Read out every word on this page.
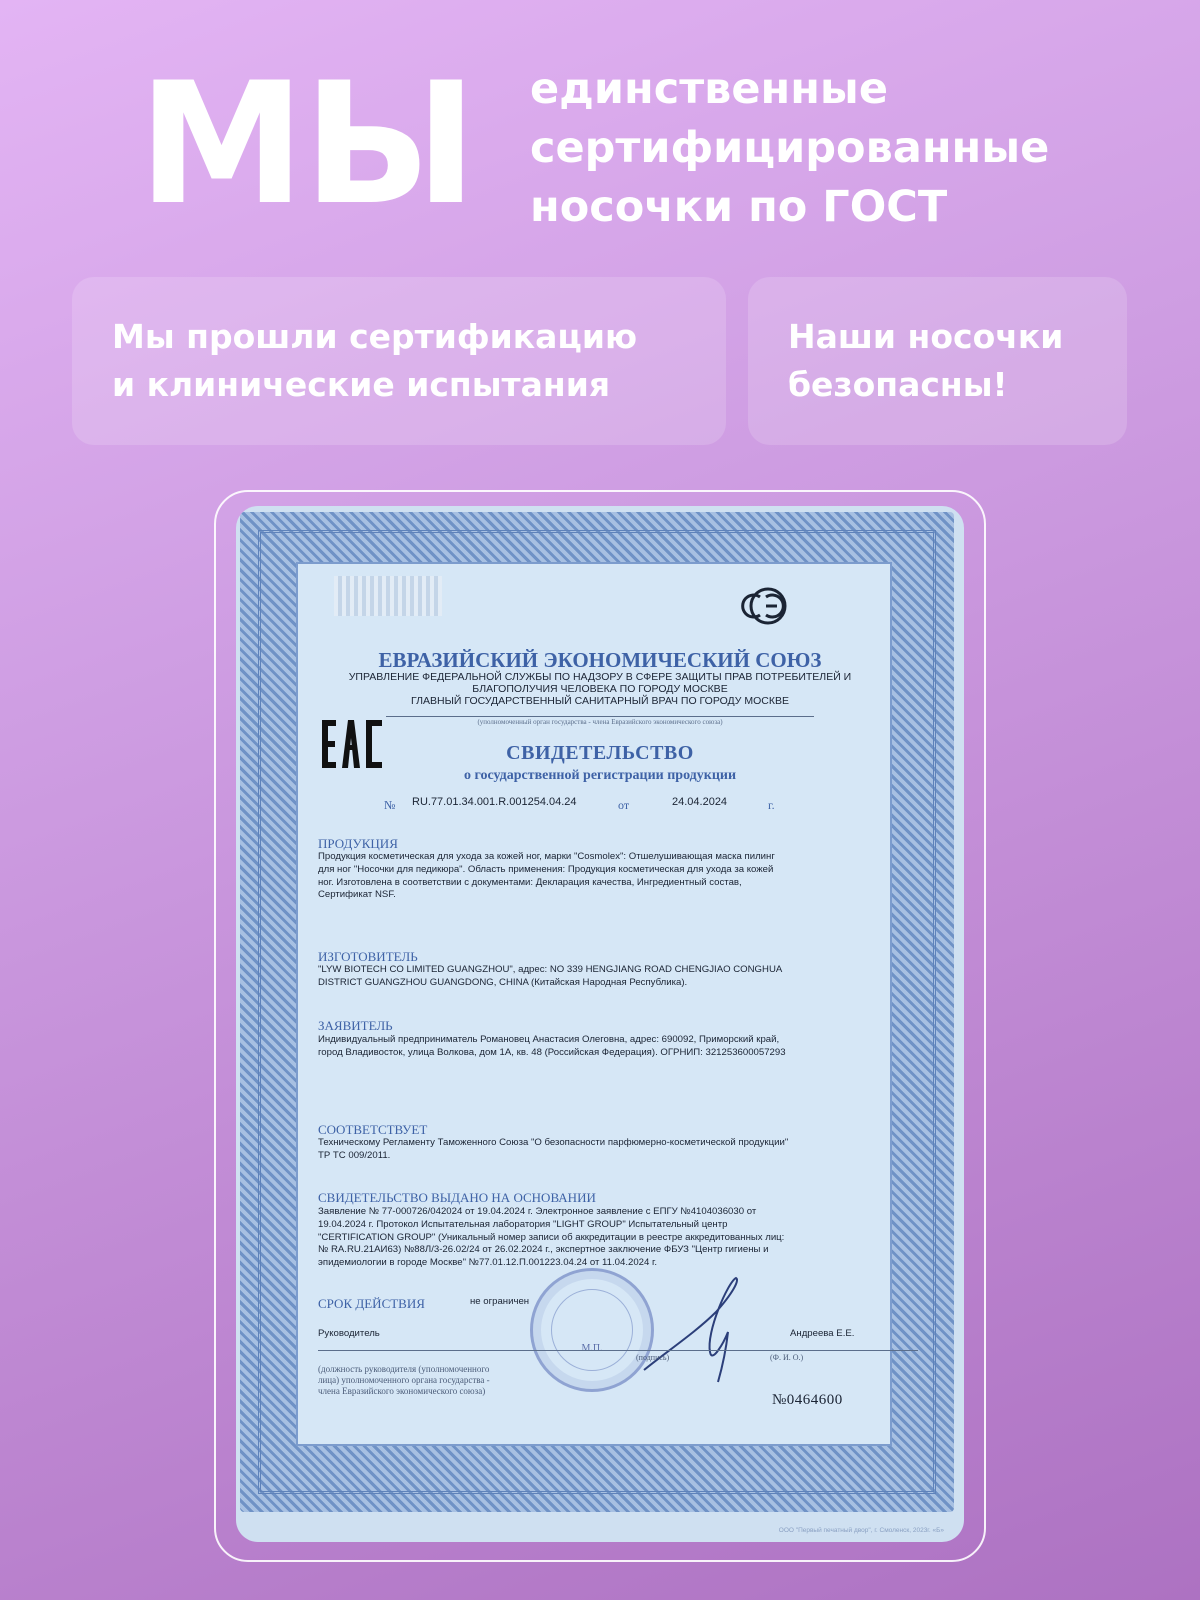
МЫ единственные
сертифицированные
носочки по ГОСТ
Мы прошли сертификацию
и клинические испытания
Наши носочки
безопасны!
ЕВРАЗИЙСКИЙ ЭКОНОМИЧЕСКИЙ СОЮЗ
УПРАВЛЕНИЕ ФЕДЕРАЛЬНОЙ СЛУЖБЫ ПО НАДЗОРУ В СФЕРЕ ЗАЩИТЫ ПРАВ ПОТРЕБИТЕЛЕЙ И
БЛАГОПОЛУЧИЯ ЧЕЛОВЕКА ПО ГОРОДУ МОСКВЕ
ГЛАВНЫЙ ГОСУДАРСТВЕННЫЙ САНИТАРНЫЙ ВРАЧ ПО ГОРОДУ МОСКВЕ
(уполномоченный орган государства - члена Евразийского экономического союза)
СВИДЕТЕЛЬСТВО
о государственной регистрации продукции
№ RU.77.01.34.001.R.001254.04.24	от	24.04.2024	г.
ПРОДУКЦИЯ
Продукция косметическая для ухода за кожей ног, марки "Cosmolex": Отшелушивающая маска пилинг
для ног "Носочки для педикюра". Область применения: Продукция косметическая для ухода за кожей
ног. Изготовлена в соответствии с документами: Декларация качества, Ингредиентный состав,
Сертификат NSF.
ИЗГОТОВИТЕЛЬ
"LYW BIOTECH CO LIMITED GUANGZHOU", адрес: NO 339 HENGJIANG ROAD CHENGJIAO CONGHUA
DISTRICT GUANGZHOU GUANGDONG, CHINA (Китайская Народная Республика).
ЗАЯВИТЕЛЬ
Индивидуальный предприниматель Романовец Анастасия Олеговна, адрес: 690092, Приморский край,
город Владивосток, улица Волкова, дом 1А, кв. 48 (Российская Федерация). ОГРНИП: 321253600057293
СООТВЕТСТВУЕТ
Техническому Регламенту Таможенного Союза "О безопасности парфюмерно-косметической продукции"
ТР ТС 009/2011.
СВИДЕТЕЛЬСТВО ВЫДАНО НА ОСНОВАНИИ
Заявление № 77-000726/042024 от 19.04.2024 г. Электронное заявление с ЕПГУ №4104036030 от
19.04.2024 г. Протокол Испытательная лаборатория "LIGHT GROUP" Испытательный центр
"CERTIFICATION GROUP" (Уникальный номер записи об аккредитации в реестре аккредитованных лиц:
№ RA.RU.21АИ63) №88Л/3-26.02/24 от 26.02.2024 г., экспертное заключение ФБУЗ "Центр гигиены и
эпидемиологии в городе Москве" №77.01.12.П.001223.04.24 от 11.04.2024 г.
СРОК ДЕЙСТВИЯ	не ограничен
М.П.
Руководитель	Андреева Е.Е.
(подпись)	(Ф. И. О.)
(должность руководителя (уполномоченного
лица) уполномоченного органа государства -
члена Евразийского экономического союза)
№0464600
ООО "Первый печатный двор", г. Смоленск, 2023г. «Б»
